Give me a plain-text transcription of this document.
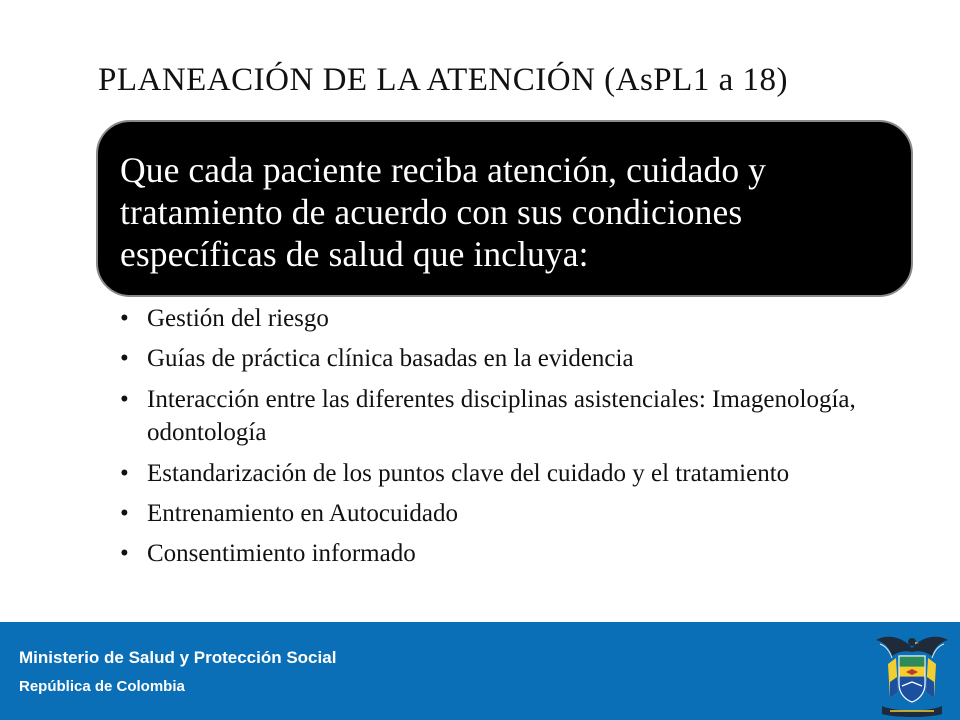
PLANEACIÓN DE LA ATENCIÓN (AsPL1 a 18)
Que cada paciente reciba atención, cuidado y tratamiento de acuerdo con sus condiciones específicas de salud que incluya:
• Gestión del riesgo
• Guías de práctica clínica basadas en la evidencia
• Interacción entre las diferentes disciplinas asistenciales: Imagenología, odontología
• Estandarización de los puntos clave del cuidado y el tratamiento
• Entrenamiento en Autocuidado
• Consentimiento informado
Ministerio de Salud y Protección Social
República de Colombia
